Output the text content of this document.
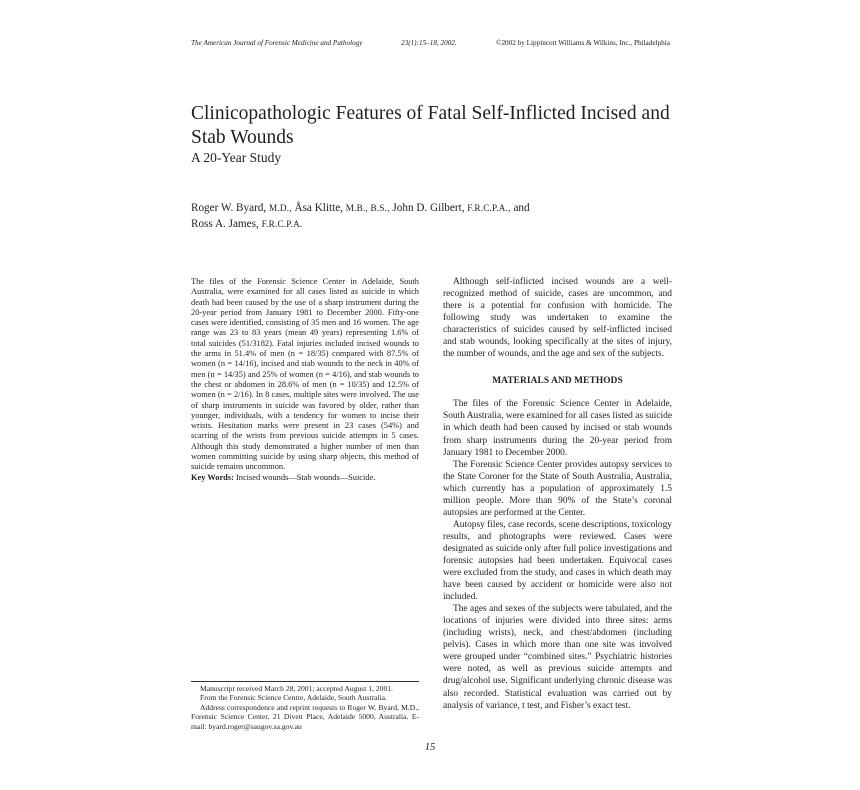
The American Journal of Forensic Medicine and Pathology	23(1):15–18, 2002.	©2002 by Lippincott Williams & Wilkins, Inc., Philadelphia
Clinicopathologic Features of Fatal Self-Inflicted Incised and Stab Wounds
A 20-Year Study
Roger W. Byard, M.D., Åsa Klitte, M.B., B.S., John D. Gilbert, F.R.C.P.A., and
Ross A. James, F.R.C.P.A.

The files of the Forensic Science Center in Adelaide, South Australia, were examined for all cases listed as suicide in which death had been caused by the use of a sharp instrument during the 20-year period from January 1981 to December 2000. Fifty-one cases were identified, consisting of 35 men and 16 women. The age range was 23 to 83 years (mean 49 years) representing 1.6% of total suicides (51/3182). Fatal injuries included incised wounds to the arms in 51.4% of men (n = 18/35) compared with 87.5% of women (n = 14/16), incised and stab wounds to the neck in 40% of men (n = 14/35) and 25% of women (n = 4/16), and stab wounds to the chest or abdomen in 28.6% of men (n = 10/35) and 12.5% of women (n = 2/16). In 8 cases, multiple sites were involved. The use of sharp instruments in suicide was favored by older, rather than younger, individuals, with a tendency for women to incise their wrists. Hesitation marks were present in 23 cases (54%) and scarring of the wrists from previous suicide attempts in 5 cases. Although this study demonstrated a higher number of men than women committing suicide by using sharp objects, this method of suicide remains uncommon.

Key Words: Incised wounds—Stab wounds—Suicide.

Manuscript received March 28, 2001; accepted August 1, 2001.

From the Forensic Science Centre, Adelaide, South Australia.

Address correspondence and reprint requests to Roger W. Byard, M.D., Forensic Science Center, 21 Divett Place, Adelaide 5000, Australia. E-mail: byard.roger@saugov.sa.gov.au

Although self-inflicted incised wounds are a well-recognized method of suicide, cases are uncommon, and there is a potential for confusion with homicide. The following study was undertaken to examine the characteristics of suicides caused by self-inflicted incised and stab wounds, looking specifically at the sites of injury, the number of wounds, and the age and sex of the subjects.

MATERIALS AND METHODS

The files of the Forensic Science Center in Adelaide, South Australia, were examined for all cases listed as suicide in which death had been caused by incised or stab wounds from sharp instruments during the 20-year period from January 1981 to December 2000.

The Forensic Science Center provides autopsy services to the State Coroner for the State of South Australia, Australia, which currently has a population of approximately 1.5 million people. More than 90% of the State’s coronal autopsies are performed at the Center.

Autopsy files, case records, scene descriptions, toxicology results, and photographs were reviewed. Cases were designated as suicide only after full police investigations and forensic autopsies had been undertaken. Equivocal cases were excluded from the study, and cases in which death may have been caused by accident or homicide were also not included.

The ages and sexes of the subjects were tabulated, and the locations of injuries were divided into three sites: arms (including wrists), neck, and chest/abdomen (including pelvis). Cases in which more than one site was involved were grouped under “combined sites.” Psychiatric histories were noted, as well as previous suicide attempts and drug/alcohol use. Significant underlying chronic disease was also recorded. Statistical evaluation was carried out by analysis of variance, t test, and Fisher’s exact test.

15
